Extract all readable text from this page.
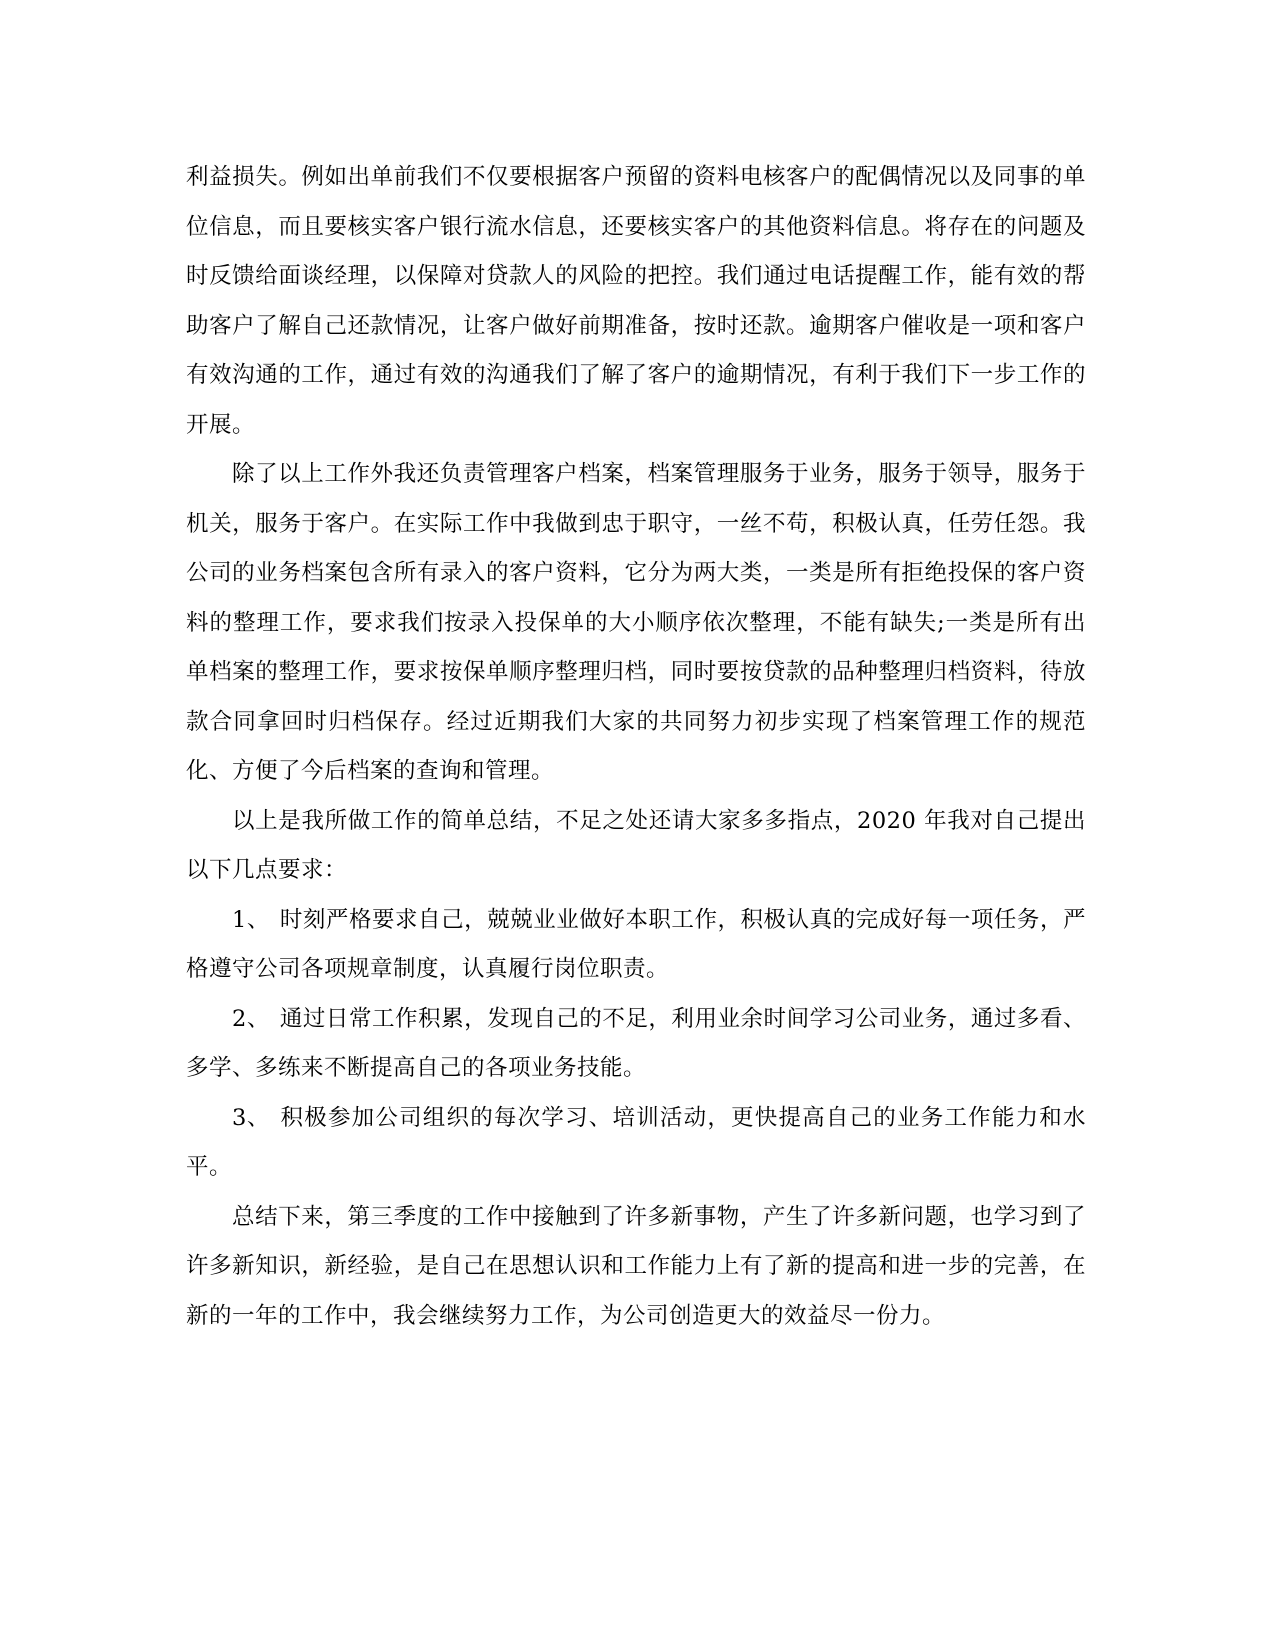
利益损失。例如出单前我们不仅要根据客户预留的资料电核客户的配偶情况以及同事的单位信息，而且要核实客户银行流水信息，还要核实客户的其他资料信息。将存在的问题及时反馈给面谈经理，以保障对贷款人的风险的把控。我们通过电话提醒工作，能有效的帮助客户了解自己还款情况，让客户做好前期准备，按时还款。逾期客户催收是一项和客户有效沟通的工作，通过有效的沟通我们了解了客户的逾期情况，有利于我们下一步工作的开展。

除了以上工作外我还负责管理客户档案，档案管理服务于业务，服务于领导，服务于机关，服务于客户。在实际工作中我做到忠于职守，一丝不苟，积极认真，任劳任怨。我公司的业务档案包含所有录入的客户资料，它分为两大类，一类是所有拒绝投保的客户资料的整理工作，要求我们按录入投保单的大小顺序依次整理，不能有缺失;一类是所有出单档案的整理工作，要求按保单顺序整理归档，同时要按贷款的品种整理归档资料，待放款合同拿回时归档保存。经过近期我们大家的共同努力初步实现了档案管理工作的规范化、方便了今后档案的查询和管理。

以上是我所做工作的简单总结，不足之处还请大家多多指点，2020 年我对自己提出以下几点要求：

1、 时刻严格要求自己，兢兢业业做好本职工作，积极认真的完成好每一项任务，严格遵守公司各项规章制度，认真履行岗位职责。

2、 通过日常工作积累，发现自己的不足，利用业余时间学习公司业务，通过多看、多学、多练来不断提高自己的各项业务技能。

3、 积极参加公司组织的每次学习、培训活动，更快提高自己的业务工作能力和水平。

总结下来，第三季度的工作中接触到了许多新事物，产生了许多新问题，也学习到了许多新知识，新经验，是自己在思想认识和工作能力上有了新的提高和进一步的完善，在新的一年的工作中，我会继续努力工作，为公司创造更大的效益尽一份力。
